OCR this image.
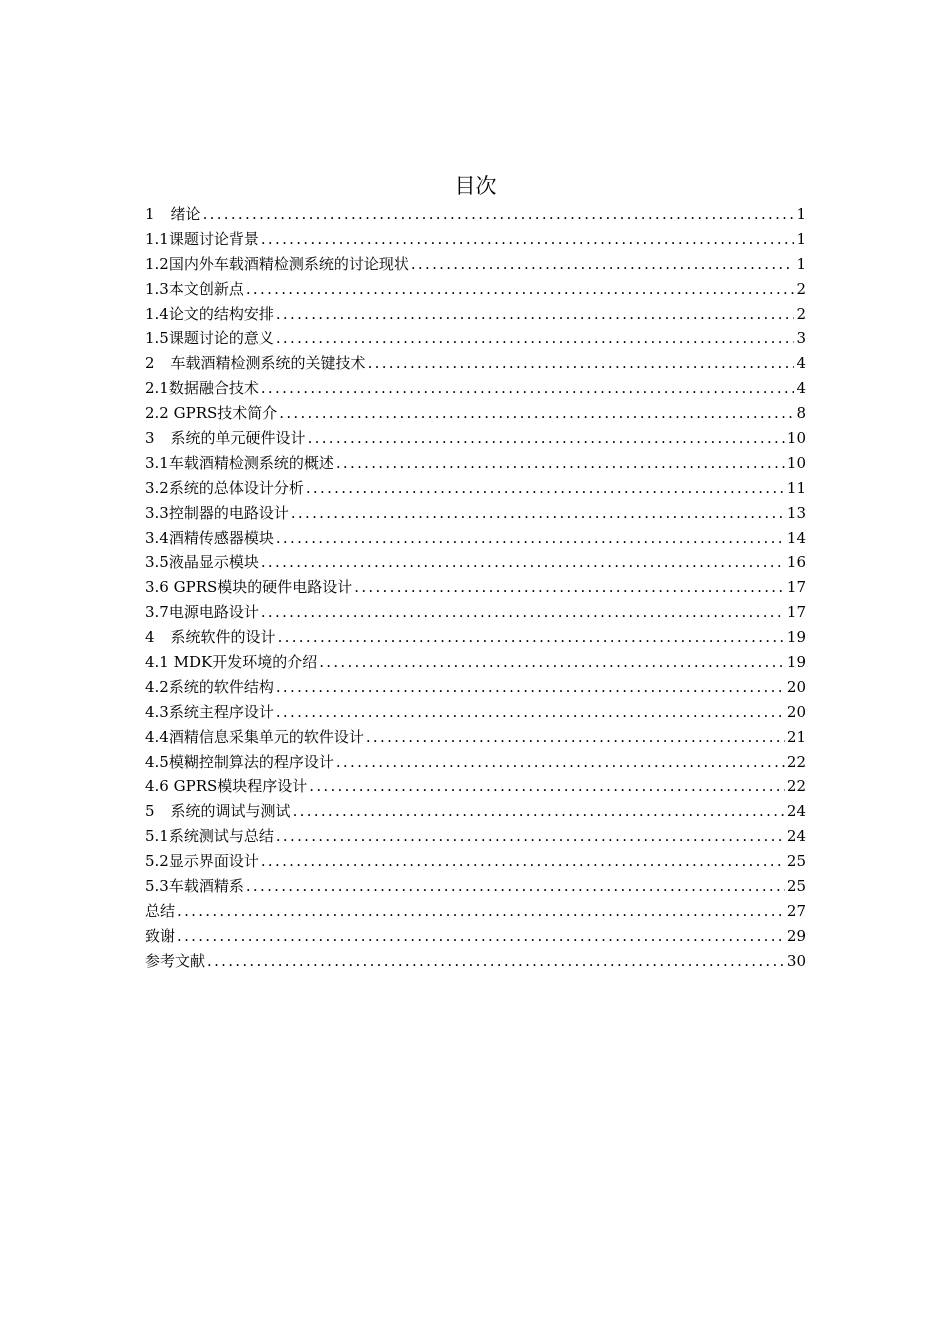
目次
1 绪论 .....	1
1.1课题讨论背景 .....	1
1.2国内外车载酒精检测系统的讨论现状 .....	1
1.3本文创新点 .....	2
1.4论文的结构安排 .....	2
1.5课题讨论的意义 .....	3
2 车载酒精检测系统的关键技术 .....	4
2.1数据融合技术 .....	4
2.2 GPRS技术简介 .....	8
3 系统的单元硬件设计 .....	10
3.1车载酒精检测系统的概述 .....	10
3.2系统的总体设计分析 .....	11
3.3控制器的电路设计 .....	13
3.4酒精传感器模块 .....	14
3.5液晶显示模块 .....	16
3.6 GPRS模块的硬件电路设计 .....	17
3.7电源电路设计 .....	17
4 系统软件的设计 .....	19
4.1 MDK开发环境的介绍 .....	19
4.2系统的软件结构 .....	20
4.3系统主程序设计 .....	20
4.4酒精信息采集单元的软件设计 .....	21
4.5模糊控制算法的程序设计 .....	22
4.6 GPRS模块程序设计 .....	22
5 系统的调试与测试 .....	24
5.1系统测试与总结 .....	24
5.2显示界面设计 .....	25
5.3车载酒精系 .....	25
总结 .....	27
致谢 .....	29
参考文献 .....	30
